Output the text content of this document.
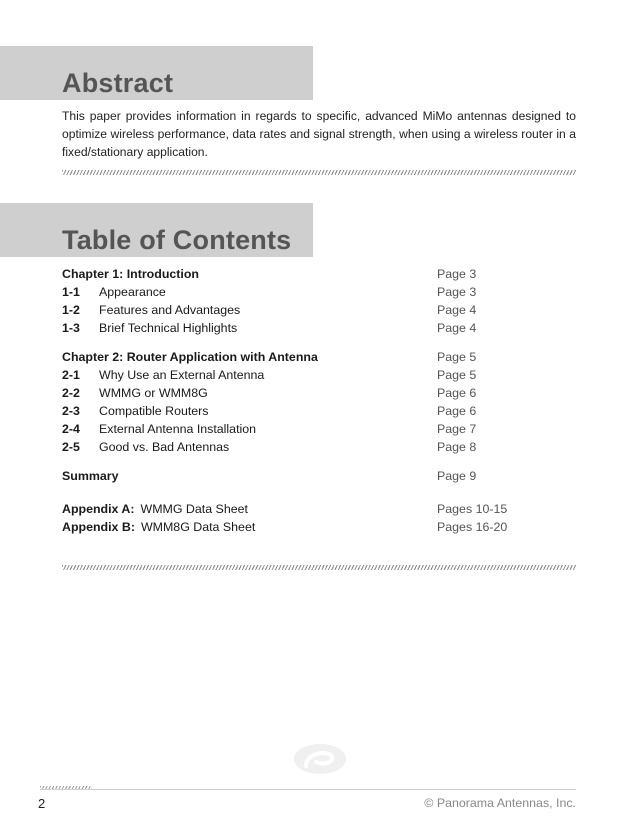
Abstract

This paper provides information in regards to specific, advanced MiMo antennas designed to optimize wireless performance, data rates and signal strength, when using a wireless router in a fixed/stationary application.

Table of Contents
Chapter 1: Introduction	Page 3
1-1 Appearance	Page 3
1-2 Features and Advantages	Page 4
1-3 Brief Technical Highlights	Page 4
Chapter 2: Router Application with Antenna	Page 5
2-1 Why Use an External Antenna	Page 5
2-2 WMMG or WMM8G	Page 6
2-3 Compatible Routers	Page 6
2-4 External Antenna Installation	Page 7
2-5 Good vs. Bad Antennas	Page 8
Summary	Page 9
Appendix A: WMMG Data Sheet	Pages 10-15
Appendix B: WMM8G Data Sheet	Pages 16-20
2	© Panorama Antennas, Inc.
